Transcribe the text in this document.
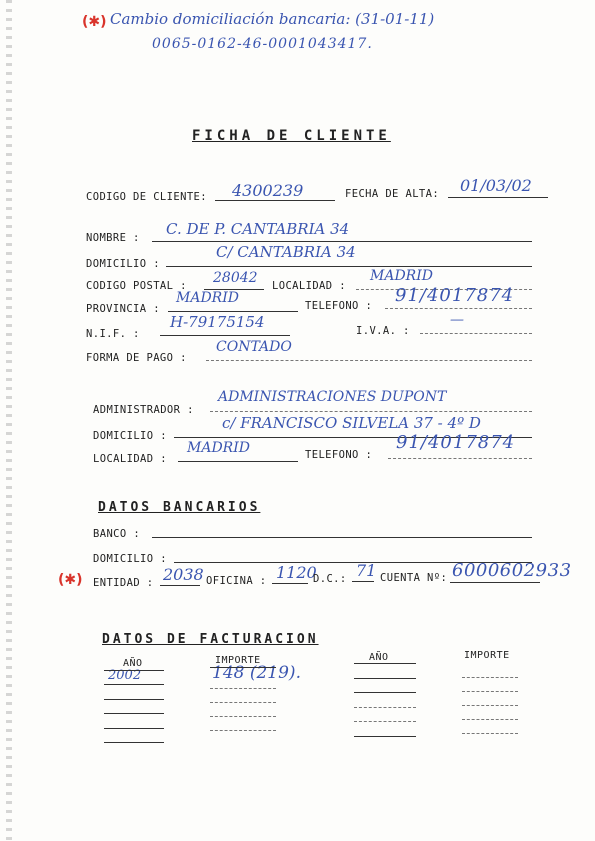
(✱) Cambio domiciliación bancaria: (31-01-11)
0065-0162-46-0001043417.
FICHA DE CLIENTE
CODIGO DE CLIENTE: 4300239	FECHA DE ALTA: 01/03/02
NOMBRE : C. DE P. CANTABRIA 34
DOMICILIO :
C/ CANTABRIA 34
CODIGO POSTAL : 28042 LOCALIDAD :
MADRID
PROVINCIA :
MADRID	TELEFONO : 91/4017874
N.I.F. :
H-79175154	I.V.A. :
—
FORMA DE PAGO :
CONTADO
ADMINISTRADOR :
ADMINISTRACIONES DUPONT
DOMICILIO :
c/ FRANCISCO SILVELA 37 - 4º D
LOCALIDAD :
MADRID	TELEFONO :
91/4017874
DATOS BANCARIOS
BANCO :
DOMICILIO :
(✱) ENTIDAD : 2038 OFICINA : 1120
D.C.: 71 CUENTA Nº: 6000602933
DATOS DE FACTURACION
AÑO	IMPORTE	AÑO	IMPORTE
2002	148 (219).
